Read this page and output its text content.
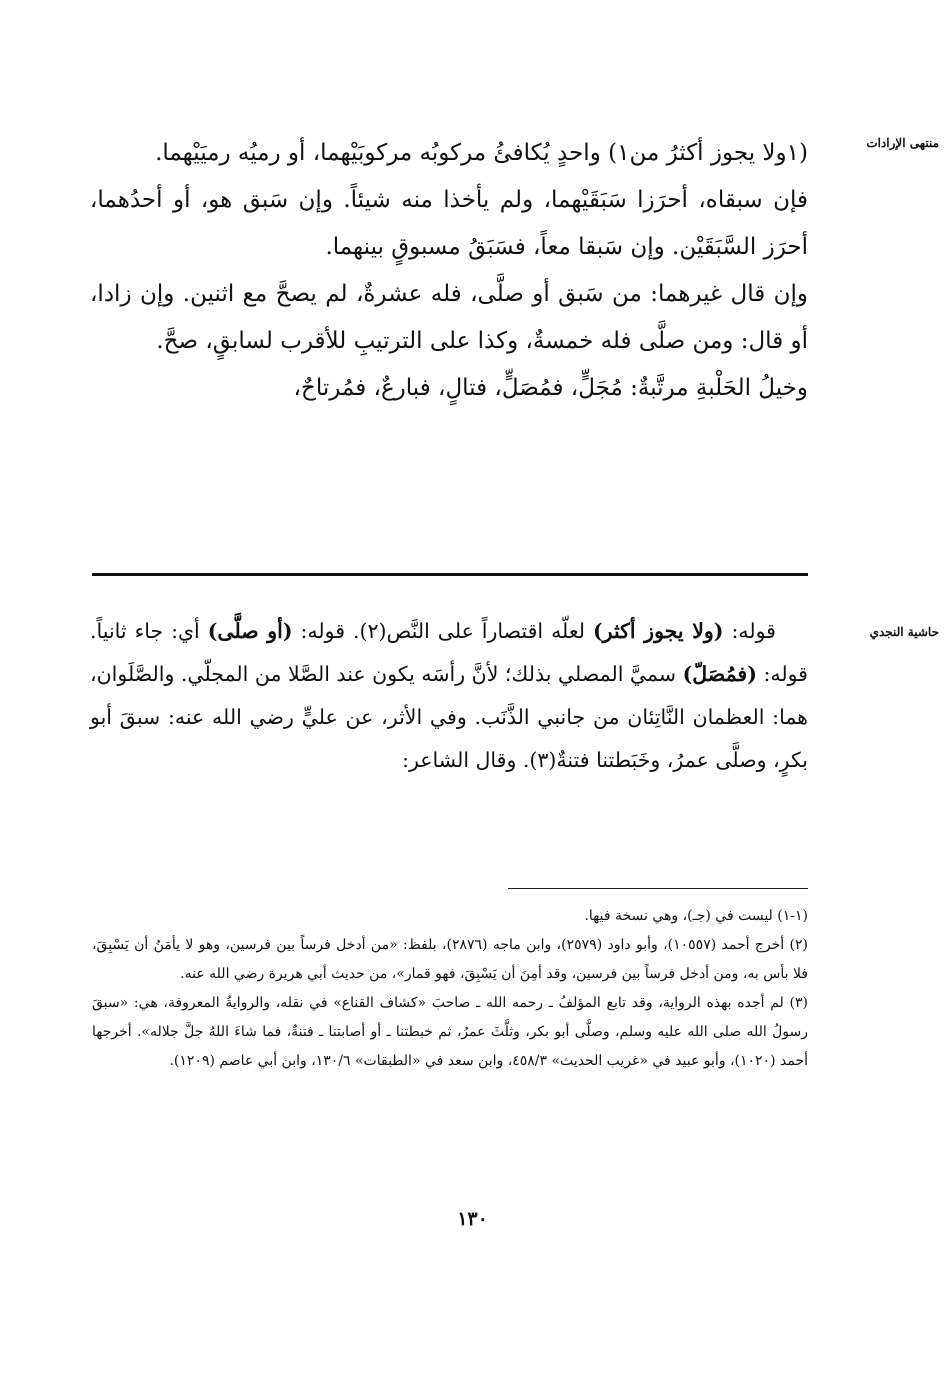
منتهى الإرادات
حاشية النجدي

(١ولا يجوز أكثرُ من١) واحدٍ يُكافئُ مركوبُه مركوبَيْهما، أو رميُه رميَيْهما.

فإن سبقاه، أحرَزا سَبَقَيْهما، ولم يأخذا منه شيئاً. وإن سَبق هو، أو أحدُهما، أحرَز السَّبَقَيْن. وإن سَبقا معاً، فسَبَقُ مسبوقٍ بينهما.

وإن قال غيرهما: من سَبق أو صلَّى، فله عشرةٌ، لم يصحَّ مع اثنين. وإن زادا، أو قال: ومن صلَّى فله خمسةٌ، وكذا على الترتيبِ للأقرب لسابقٍ، صحَّ.

وخيلُ الحَلْبةِ مرتَّبةٌ: مُجَلٍّ، فمُصَلٍّ، فتالٍ، فبارعٌ، فمُرتاحٌ،

قوله: (ولا يجوز أكثر) لعلّه اقتصاراً على النَّص(٢). قوله: (أو صلَّى) أي: جاء ثانياً. قوله: (فمُصَلّ) سميَّ المصلي بذلك؛ لأنَّ رأسَه يكون عند الصَّلا من المجلّي. والصَّلَوان، هما: العظمان النَّاتِئان من جانبي الذَّنَب. وفي الأثر، عن عليٍّ رضي الله عنه: سبقَ أبو بكرٍ، وصلَّى عمرُ، وخَبَطتنا فتنةٌ(٣). وقال الشاعر:

(١-١) ليست في (جـ)، وهي نسخة فيها.

(٢) أخرج أحمد (١٠٥٥٧)، وأبو داود (٢٥٧٩)، وابن ماجه (٢٨٧٦)، بلفظ: «من أدخل فرساً بين فرسين، وهو لا يأمَنُ أن يَسْبِقَ، فلا بأس به، ومن أدخل فرساً بين فرسين، وقد أمِنَ أن يَسْبِقَ، فهو قمار»، من حديث أبي هريرة رضي الله عنه.

(٣) لم أجده بهذه الرواية، وقد تابع المؤلفُ ـ رحمه الله ـ صاحبَ «كشاف القناع» في نقله، والروايةُ المعروفة، هي: «سبقَ رسولُ الله صلى الله عليه وسلم، وصلَّى أبو بكر، وثلَّثَ عمرُ، ثم خبطتنا ـ أو أصابتنا ـ فتنةٌ، فما شاءَ اللهُ جلَّ جلاله». أخرجها أحمد (١٠٢٠)، وأبو عبيد في «غريب الحديث» ٤٥٨/٣، وابن سعد في «الطبقات» ١٣٠/٦، وابن أبي عاصم (١٢٠٩).

١٣٠
